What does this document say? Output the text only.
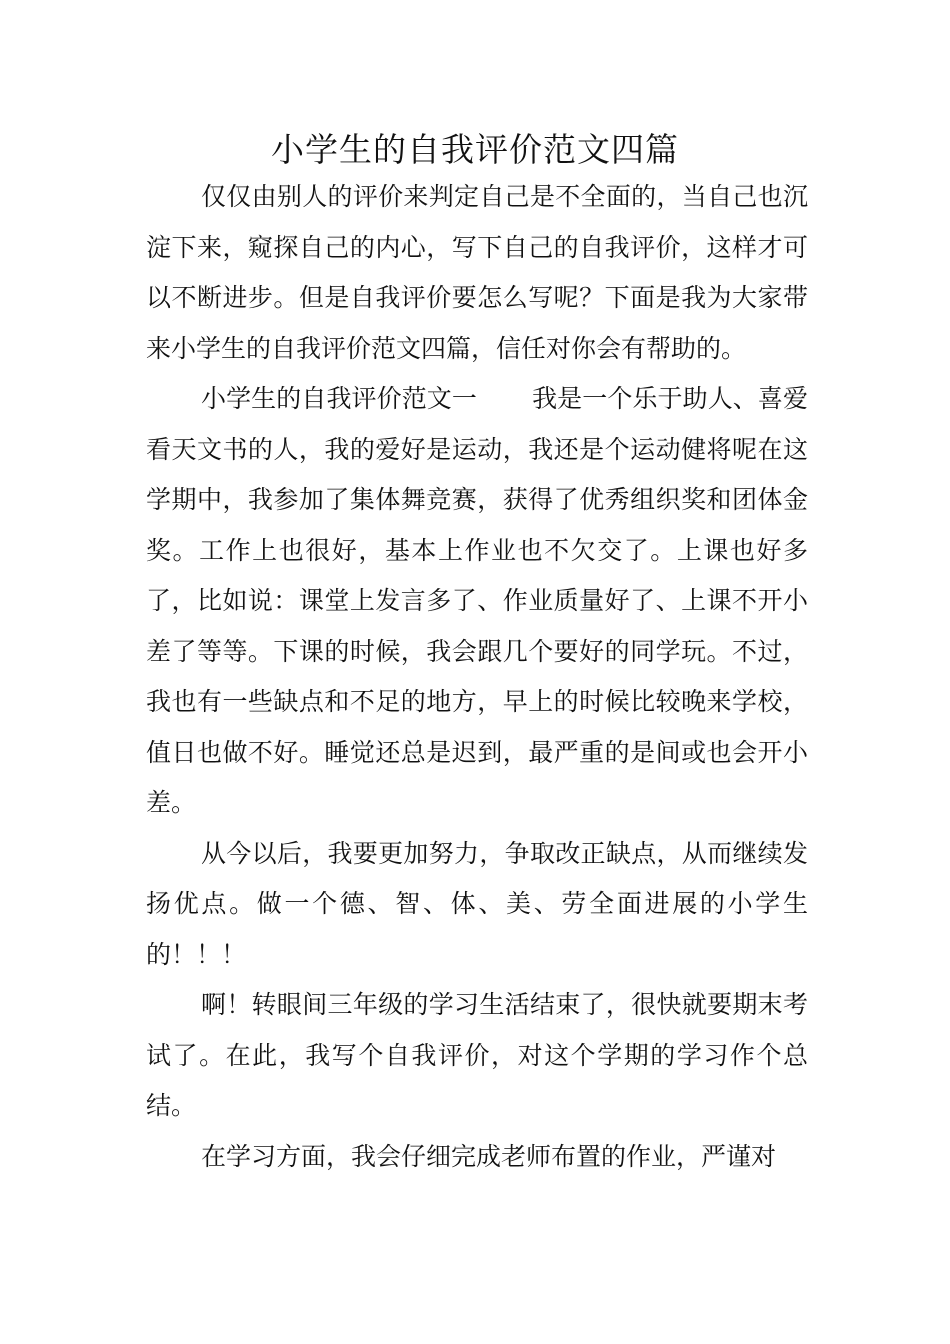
小学生的自我评价范文四篇

仅仅由别人的评价来判定自己是不全面的，当自己也沉淀下来，窥探自己的内心，写下自己的自我评价，这样才可以不断进步。但是自我评价要怎么写呢？下面是我为大家带来小学生的自我评价范文四篇，信任对你会有帮助的。

小学生的自我评价范文一 我是一个乐于助人、喜爱看天文书的人，我的爱好是运动，我还是个运动健将呢在这学期中，我参加了集体舞竞赛，获得了优秀组织奖和团体金奖。工作上也很好，基本上作业也不欠交了。上课也好多了，比如说：课堂上发言多了、作业质量好了、上课不开小差了等等。下课的时候，我会跟几个要好的同学玩。不过，我也有一些缺点和不足的地方，早上的时候比较晚来学校，值日也做不好。睡觉还总是迟到，最严重的是间或也会开小差。

从今以后，我要更加努力，争取改正缺点，从而继续发扬优点。做一个德、智、体、美、劳全面进展的小学生的！！！

啊！转眼间三年级的学习生活结束了，很快就要期末考试了。在此，我写个自我评价，对这个学期的学习作个总结。

在学习方面，我会仔细完成老师布置的作业，严谨对
